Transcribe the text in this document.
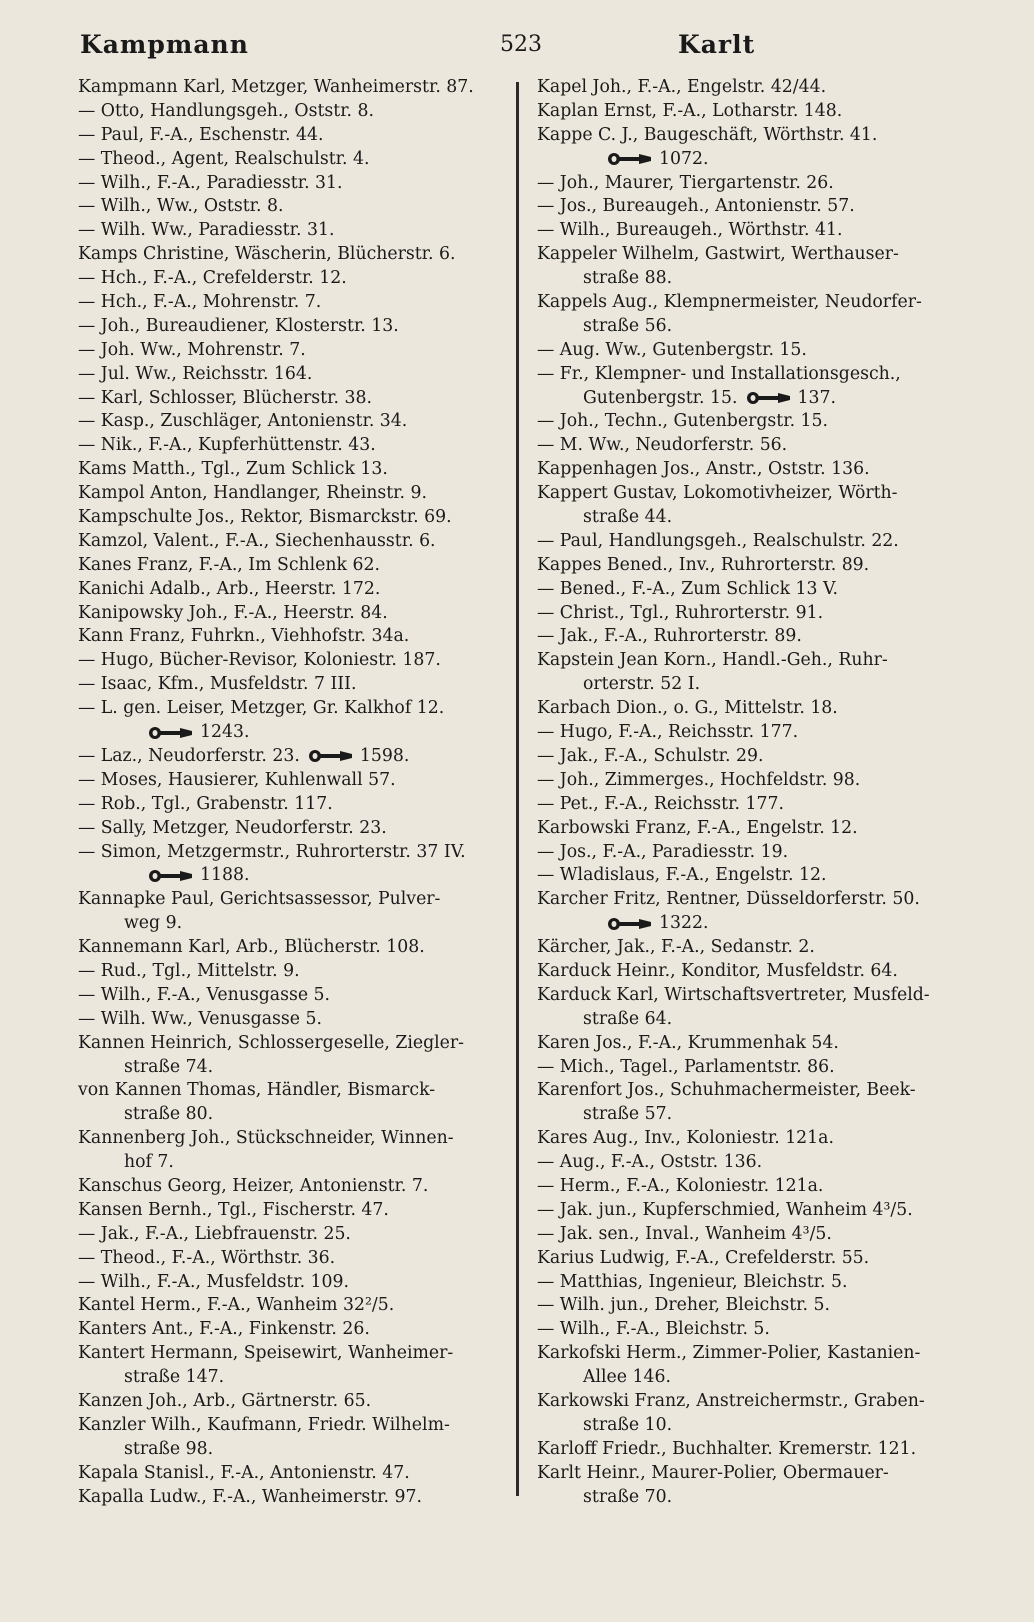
Kampmann	523	Karlt
Kampmann Karl, Metzger, Wanheimerstr. 87.
— Otto, Handlungsgeh., Oststr. 8.
— Paul, F.-A., Eschenstr. 44.
— Theod., Agent, Realschulstr. 4.
— Wilh., F.-A., Paradiesstr. 31.
— Wilh., Ww., Oststr. 8.
— Wilh. Ww., Paradiesstr. 31.
Kamps Christine, Wäscherin, Blücherstr. 6.
— Hch., F.-A., Crefelderstr. 12.
— Hch., F.-A., Mohrenstr. 7.
— Joh., Bureaudiener, Klosterstr. 13.
— Joh. Ww., Mohrenstr. 7.
— Jul. Ww., Reichsstr. 164.
— Karl, Schlosser, Blücherstr. 38.
— Kasp., Zuschläger, Antonienstr. 34.
— Nik., F.-A., Kupferhüttenstr. 43.
Kams Matth., Tgl., Zum Schlick 13.
Kampol Anton, Handlanger, Rheinstr. 9.
Kampschulte Jos., Rektor, Bismarckstr. 69.
Kamzol, Valent., F.-A., Siechenhausstr. 6.
Kanes Franz, F.-A., Im Schlenk 62.
Kanichi Adalb., Arb., Heerstr. 172.
Kanipowsky Joh., F.-A., Heerstr. 84.
Kann Franz, Fuhrkn., Viehhofstr. 34a.
— Hugo, Bücher-Revisor, Koloniestr. 187.
— Isaac, Kfm., Musfeldstr. 7 III.
— L. gen. Leiser, Metzger, Gr. Kalkhof 12.
1243.
— Laz., Neudorferstr. 23.	1598.
— Moses, Hausierer, Kuhlenwall 57.
— Rob., Tgl., Grabenstr. 117.
— Sally, Metzger, Neudorferstr. 23.
— Simon, Metzgermstr., Ruhrorterstr. 37 IV.
1188.
Kannapke Paul, Gerichtsassessor, Pulver-
weg 9.
Kannemann Karl, Arb., Blücherstr. 108.
— Rud., Tgl., Mittelstr. 9.
— Wilh., F.-A., Venusgasse 5.
— Wilh. Ww., Venusgasse 5.
Kannen Heinrich, Schlossergeselle, Ziegler-
straße 74.
von Kannen Thomas, Händler, Bismarck-
straße 80.
Kannenberg Joh., Stückschneider, Winnen-
hof 7.
Kanschus Georg, Heizer, Antonienstr. 7.
Kansen Bernh., Tgl., Fischerstr. 47.
— Jak., F.-A., Liebfrauenstr. 25.
— Theod., F.-A., Wörthstr. 36.
— Wilh., F.-A., Musfeldstr. 109.
Kantel Herm., F.-A., Wanheim 32²/5.
Kanters Ant., F.-A., Finkenstr. 26.
Kantert Hermann, Speisewirt, Wanheimer-
straße 147.
Kanzen Joh., Arb., Gärtnerstr. 65.
Kanzler Wilh., Kaufmann, Friedr. Wilhelm-
straße 98.
Kapala Stanisl., F.-A., Antonienstr. 47.
Kapalla Ludw., F.-A., Wanheimerstr. 97.
Kapel Joh., F.-A., Engelstr. 42/44.
Kaplan Ernst, F.-A., Lotharstr. 148.
Kappe C. J., Baugeschäft, Wörthstr. 41.
1072.
— Joh., Maurer, Tiergartenstr. 26.
— Jos., Bureaugeh., Antonienstr. 57.
— Wilh., Bureaugeh., Wörthstr. 41.
Kappeler Wilhelm, Gastwirt, Werthauser-
straße 88.
Kappels Aug., Klempnermeister, Neudorfer-
straße 56.
— Aug. Ww., Gutenbergstr. 15.
— Fr., Klempner- und Installationsgesch.,
Gutenbergstr. 15.	137.
— Joh., Techn., Gutenbergstr. 15.
— M. Ww., Neudorferstr. 56.
Kappenhagen Jos., Anstr., Oststr. 136.
Kappert Gustav, Lokomotivheizer, Wörth-
straße 44.
— Paul, Handlungsgeh., Realschulstr. 22.
Kappes Bened., Inv., Ruhrorterstr. 89.
— Bened., F.-A., Zum Schlick 13 V.
— Christ., Tgl., Ruhrorterstr. 91.
— Jak., F.-A., Ruhrorterstr. 89.
Kapstein Jean Korn., Handl.-Geh., Ruhr-
orterstr. 52 I.
Karbach Dion., o. G., Mittelstr. 18.
— Hugo, F.-A., Reichsstr. 177.
— Jak., F.-A., Schulstr. 29.
— Joh., Zimmerges., Hochfeldstr. 98.
— Pet., F.-A., Reichsstr. 177.
Karbowski Franz, F.-A., Engelstr. 12.
— Jos., F.-A., Paradiesstr. 19.
— Wladislaus, F.-A., Engelstr. 12.
Karcher Fritz, Rentner, Düsseldorferstr. 50.
1322.
Kärcher, Jak., F.-A., Sedanstr. 2.
Karduck Heinr., Konditor, Musfeldstr. 64.
Karduck Karl, Wirtschaftsvertreter, Musfeld-
straße 64.
Karen Jos., F.-A., Krummenhak 54.
— Mich., Tagel., Parlamentstr. 86.
Karenfort Jos., Schuhmachermeister, Beek-
straße 57.
Kares Aug., Inv., Koloniestr. 121a.
— Aug., F.-A., Oststr. 136.
— Herm., F.-A., Koloniestr. 121a.
— Jak. jun., Kupferschmied, Wanheim 4³/5.
— Jak. sen., Inval., Wanheim 4³/5.
Karius Ludwig, F.-A., Crefelderstr. 55.
— Matthias, Ingenieur, Bleichstr. 5.
— Wilh. jun., Dreher, Bleichstr. 5.
— Wilh., F.-A., Bleichstr. 5.
Karkofski Herm., Zimmer-Polier, Kastanien-
Allee 146.
Karkowski Franz, Anstreichermstr., Graben-
straße 10.
Karloff Friedr., Buchhalter. Kremerstr. 121.
Karlt Heinr., Maurer-Polier, Obermauer-
straße 70.
